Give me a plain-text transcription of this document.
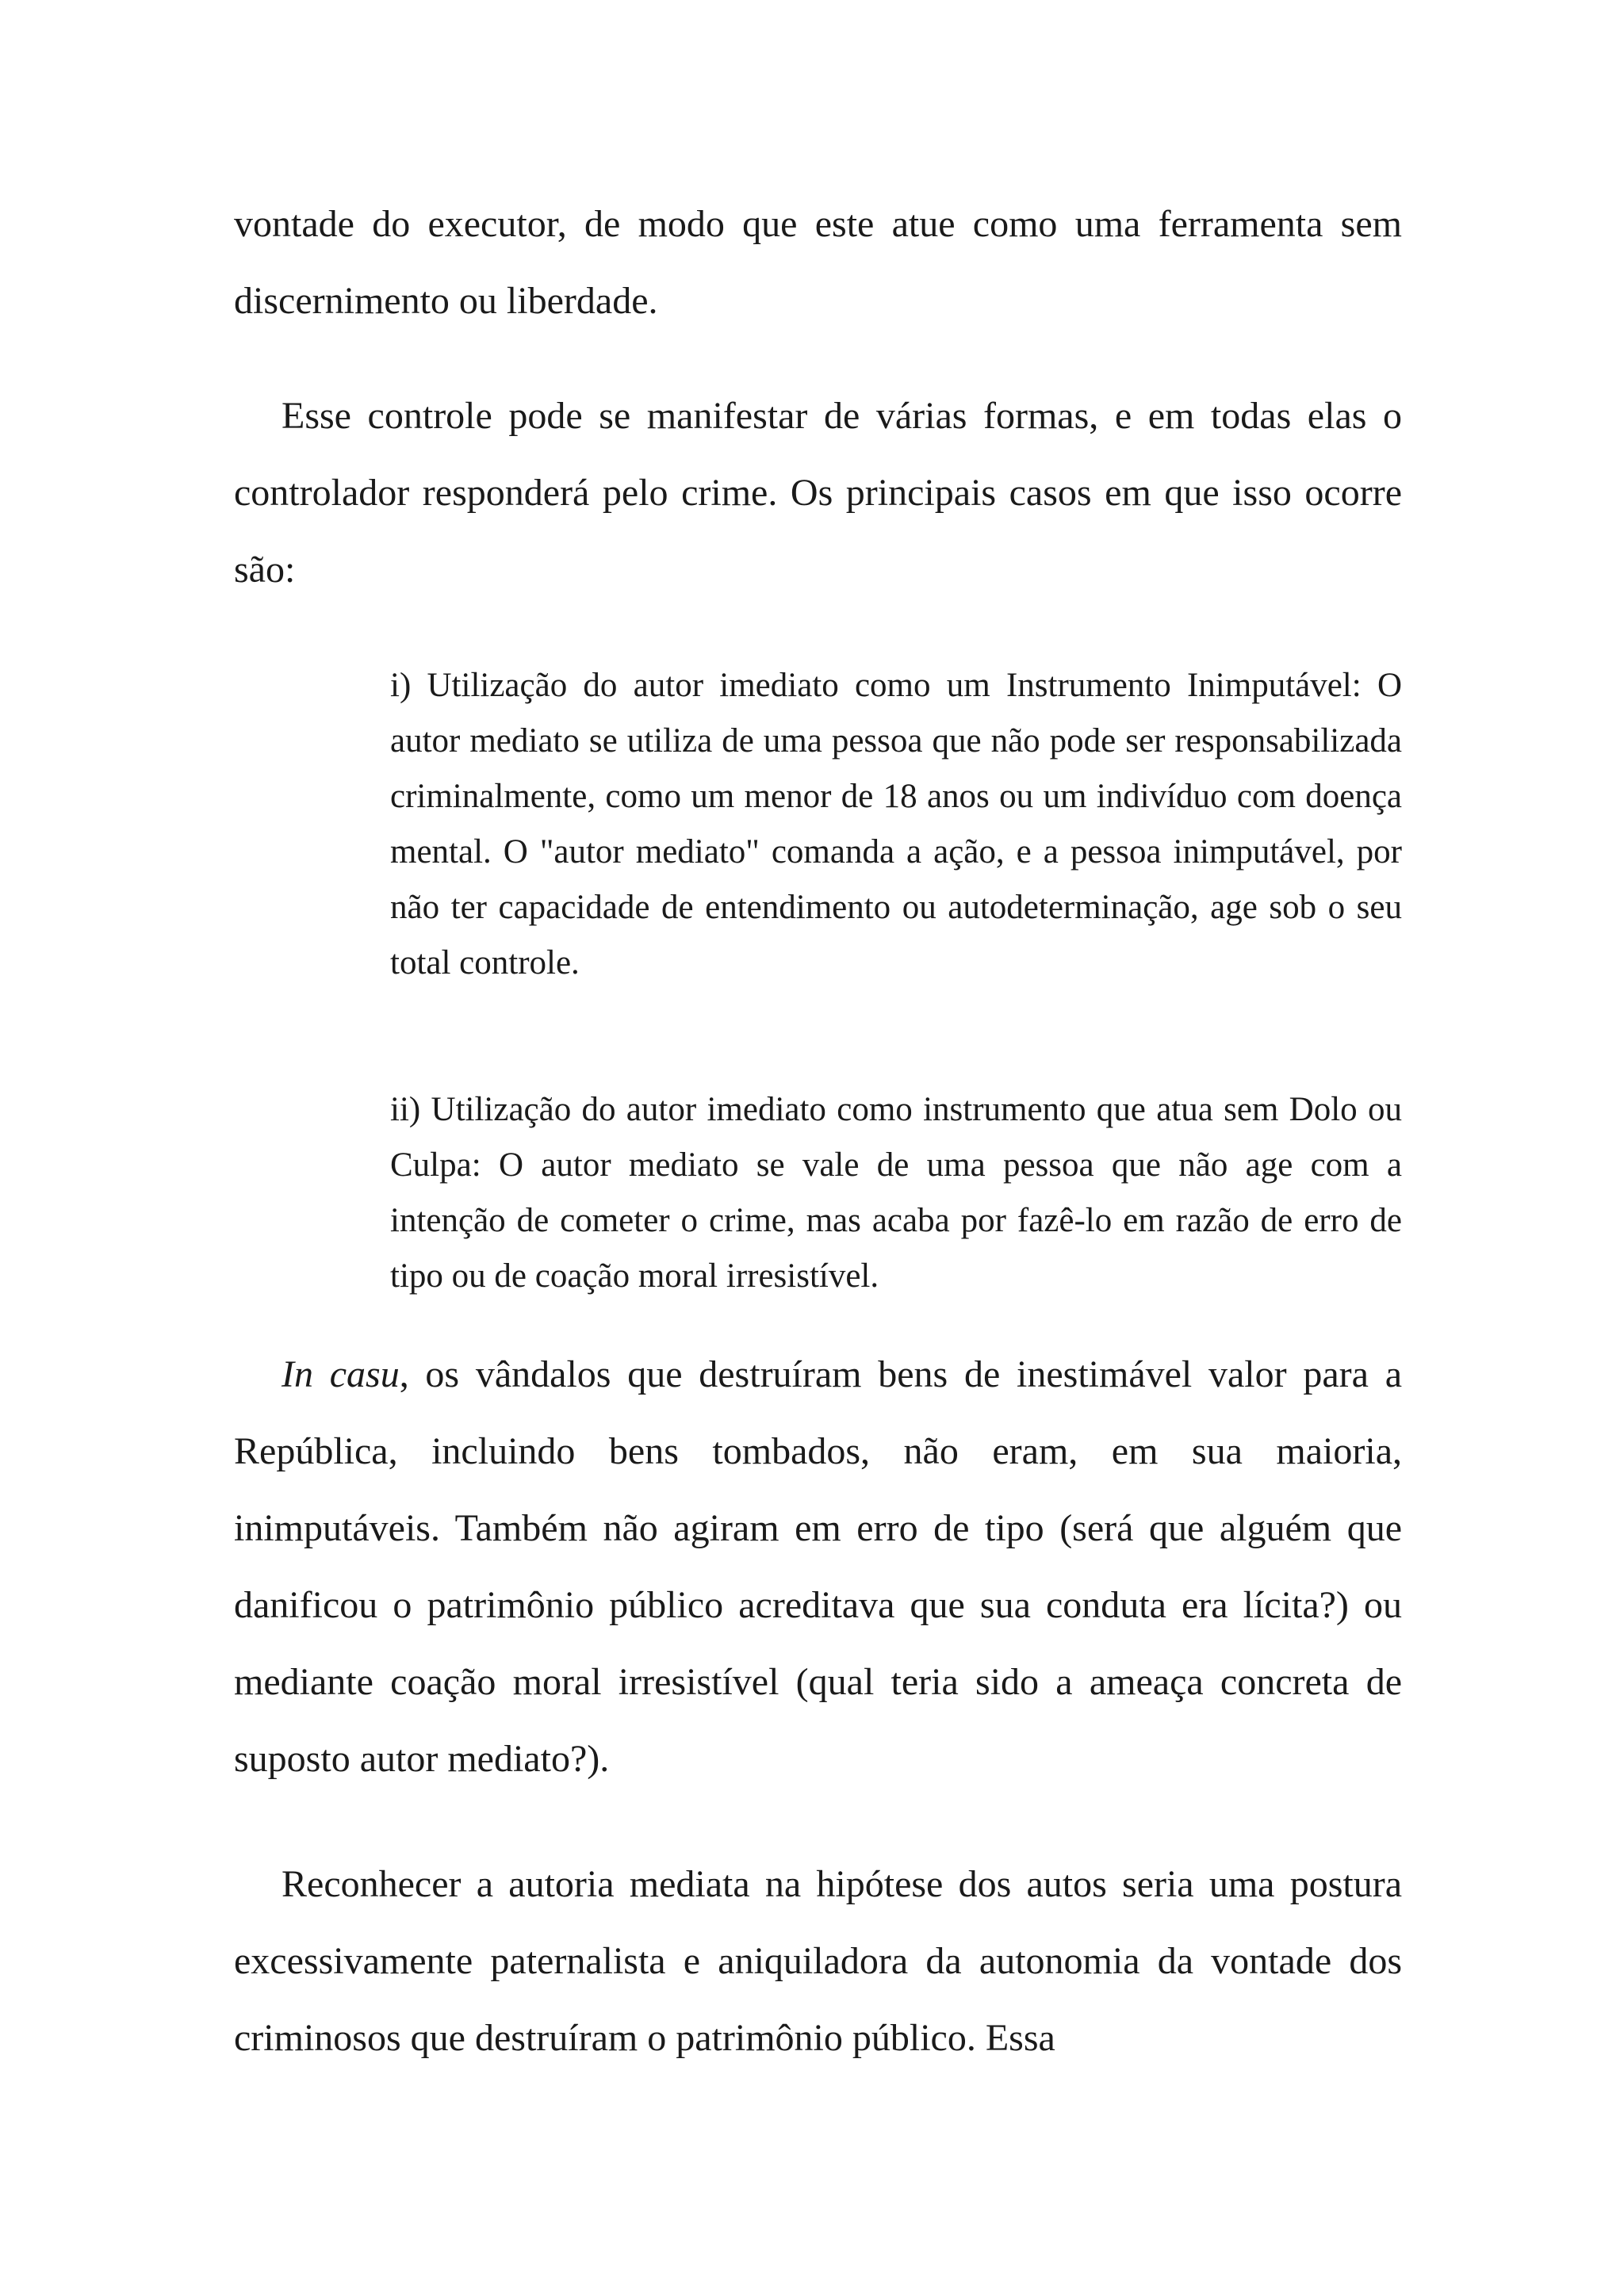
vontade do executor, de modo que este atue como uma ferramenta sem discernimento ou liberdade.

Esse controle pode se manifestar de várias formas, e em todas elas o controlador responderá pelo crime. Os principais casos em que isso ocorre são:

i) Utilização do autor imediato como um Instrumento Inimputável: O autor mediato se utiliza de uma pessoa que não pode ser responsabilizada criminalmente, como um menor de 18 anos ou um indivíduo com doença mental. O "autor mediato" comanda a ação, e a pessoa inimputável, por não ter capacidade de entendimento ou autodeterminação, age sob o seu total controle.

ii) Utilização do autor imediato como instrumento que atua sem Dolo ou Culpa: O autor mediato se vale de uma pessoa que não age com a intenção de cometer o crime, mas acaba por fazê-lo em razão de erro de tipo ou de coação moral irresistível.

In casu, os vândalos que destruíram bens de inestimável valor para a República, incluindo bens tombados, não eram, em sua maioria, inimputáveis. Também não agiram em erro de tipo (será que alguém que danificou o patrimônio público acreditava que sua conduta era lícita?) ou mediante coação moral irresistível (qual teria sido a ameaça concreta de suposto autor mediato?).

Reconhecer a autoria mediata na hipótese dos autos seria uma postura excessivamente paternalista e aniquiladora da autonomia da vontade dos criminosos que destruíram o patrimônio público. Essa
